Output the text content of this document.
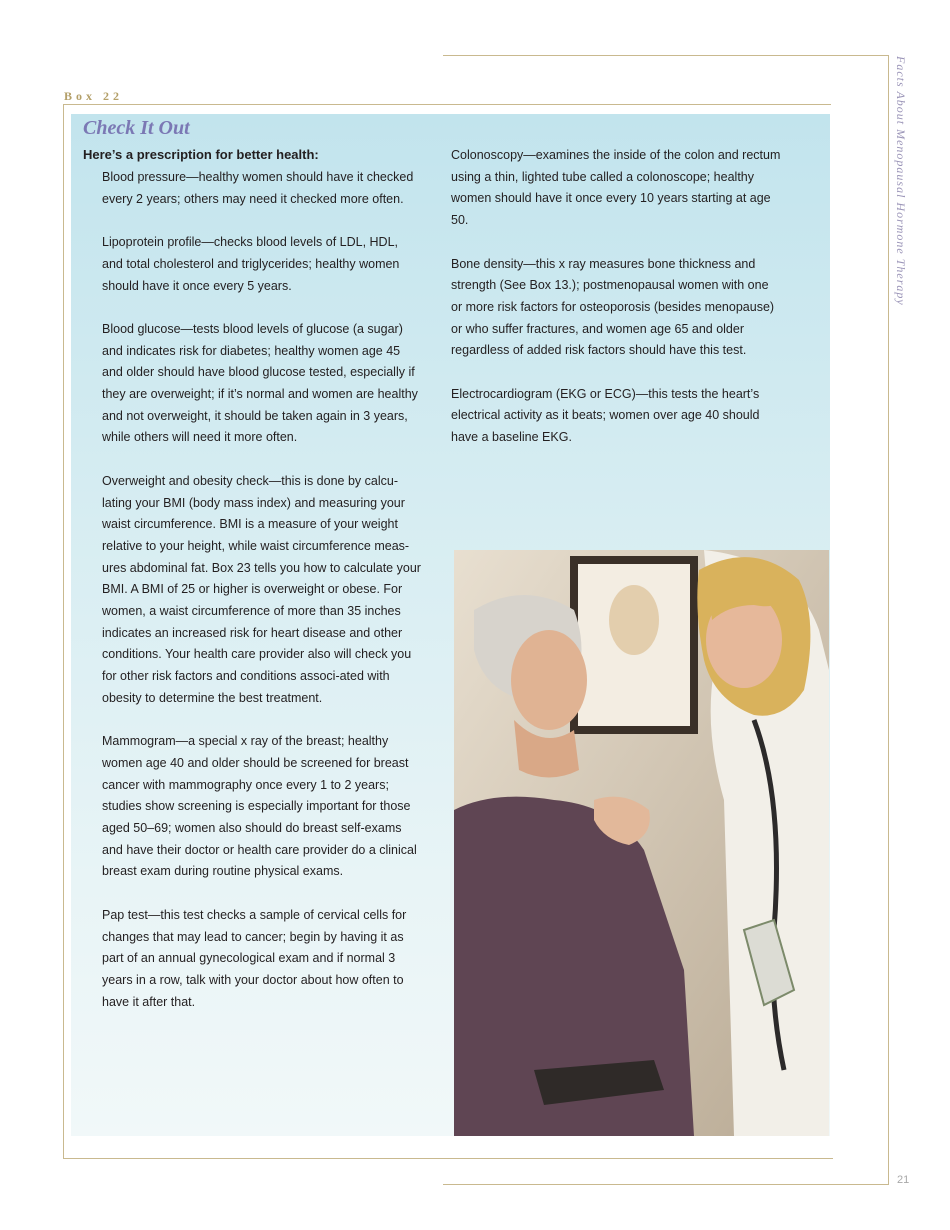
Facts About Menopausal Hormone Therapy
21
Box 22
Check It Out
Here’s a prescription for better health:

Blood pressure—healthy women should have it checked every 2 years; others may need it checked more often.

Lipoprotein profile—checks blood levels of LDL, HDL, and total cholesterol and triglycerides; healthy women should have it once every 5 years.

Blood glucose—tests blood levels of glucose (a sugar) and indicates risk for diabetes; healthy women age 45 and older should have blood glucose tested, especially if they are overweight; if it’s normal and women are healthy and not overweight, it should be taken again in 3 years, while others will need it more often.

Overweight and obesity check—this is done by calcu-lating your BMI (body mass index) and measuring your waist circumference. BMI is a measure of your weight relative to your height, while waist circumference meas-ures abdominal fat. Box 23 tells you how to calculate your BMI. A BMI of 25 or higher is overweight or obese. For women, a waist circumference of more than 35 inches indicates an increased risk for heart disease and other conditions. Your health care provider also will check you for other risk factors and conditions associ-ated with obesity to determine the best treatment.

Mammogram—a special x ray of the breast; healthy women age 40 and older should be screened for breast cancer with mammography once every 1 to 2 years; studies show screening is especially important for those aged 50–69; women also should do breast self-exams and have their doctor or health care provider do a clinical breast exam during routine physical exams.

Pap test—this test checks a sample of cervical cells for changes that may lead to cancer; begin by having it as part of an annual gynecological exam and if normal 3 years in a row, talk with your doctor about how often to have it after that.

Colonoscopy—examines the inside of the colon and rectum using a thin, lighted tube called a colonoscope; healthy women should have it once every 10 years starting at age 50.

Bone density—this x ray measures bone thickness and strength (See Box 13.); postmenopausal women with one or more risk factors for osteoporosis (besides menopause) or who suffer fractures, and women age 65 and older regardless of added risk factors should have this test.

Electrocardiogram (EKG or ECG)—this tests the heart’s electrical activity as it beats; women over age 40 should have a baseline EKG.
